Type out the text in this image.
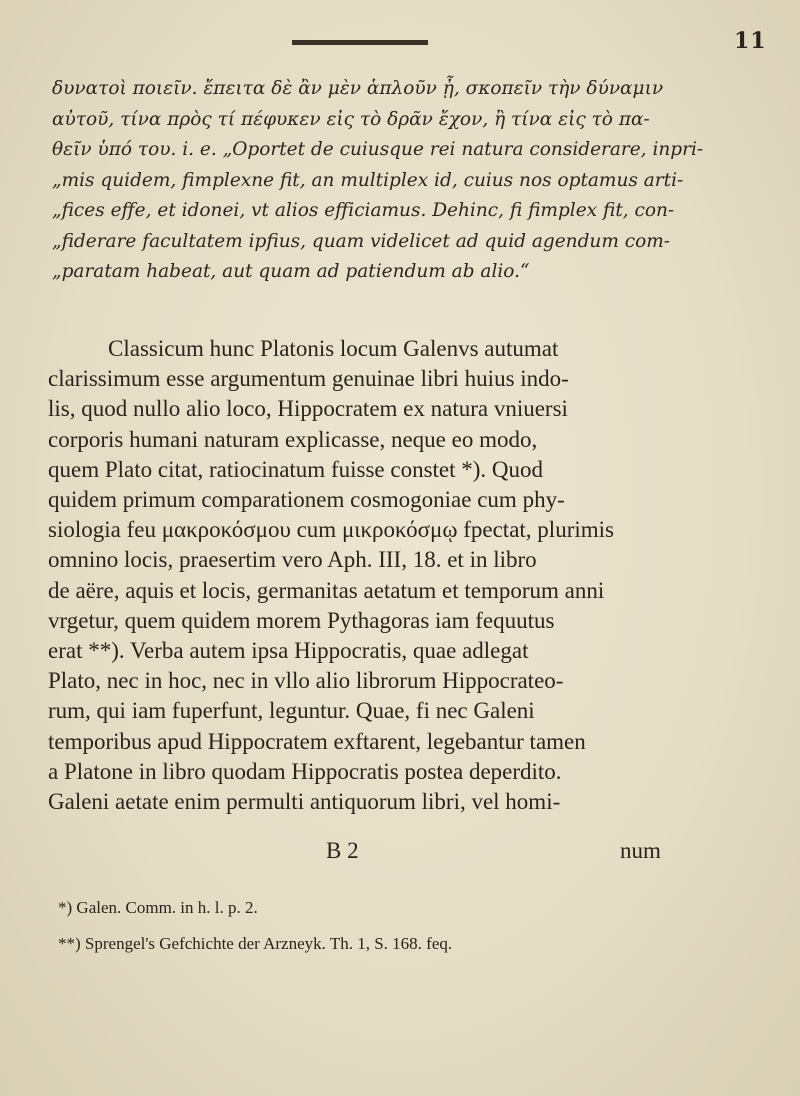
11

δυνατοὶ ποιεῖν. ἔπειτα δὲ ἂν μὲν ἁπλοῦν ᾖ, σκοπεῖν τὴν δύναμιν

αὐτοῦ, τίνα πρὸς τί πέφυκεν εἰς τὸ δρᾶν ἔχον, ἢ τίνα εἰς τὸ πα-

θεῖν ὑπό του. i. e. „Oportet de cuiusque rei natura considerare, inpri-

„mis quidem, fimplexne fit, an multiplex id, cuius nos optamus arti-

„fices effe, et idonei, vt alios efficiamus. Dehinc, fi fimplex fit, con-

„fiderare facultatem ipfius, quam videlicet ad quid agendum com-

„paratam habeat, aut quam ad patiendum ab alio.“

Classicum hunc Platonis locum Galenvs autumat

clarissimum esse argumentum genuinae libri huius indo-

lis, quod nullo alio loco, Hippocratem ex natura vniuersi

corporis humani naturam explicasse, neque eo modo,

quem Plato citat, ratiocinatum fuisse constet *). Quod

quidem primum comparationem cosmogoniae cum phy-

siologia feu μακροκόσμου cum μικροκόσμῳ fpectat, plurimis

omnino locis, praesertim vero Aph. III, 18. et in libro

de aëre, aquis et locis, germanitas aetatum et temporum anni

vrgetur, quem quidem morem Pythagoras iam fequutus

erat **). Verba autem ipsa Hippocratis, quae adlegat

Plato, nec in hoc, nec in vllo alio librorum Hippocrateo-

rum, qui iam fuperfunt, leguntur. Quae, fi nec Galeni

temporibus apud Hippocratem exftarent, legebantur tamen

a Platone in libro quodam Hippocratis postea deperdito.

Galeni aetate enim permulti antiquorum libri, vel homi-

B 2	num

*) Galen. Comm. in h. l. p. 2.

**) Sprengel's Gefchichte der Arzneyk. Th. 1, S. 168. feq.
